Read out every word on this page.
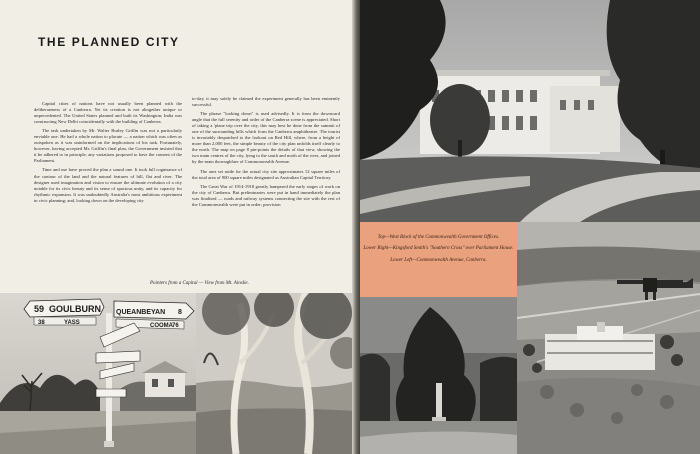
THE PLANNED CITY

Capital cities of nations have not usually been planned with the deliberateness of a Canberra. Yet its creation is not altogether unique or unprecedented. The United States planned and built its Washington; India was constructing New Delhi coincidentally with the building of Canberra.

The task undertaken by Mr. Walter Burley Griffin was not a particularly enviable one. He had a whole nation to placate — a nation which was often as outspoken as it was uninformed on the implications of his task. Fortunately, however, having accepted Mr. Griffin's final plan, the Government insisted that it be adhered to in principle, any variations proposed to have the consent of the Parliament.

Time and use have proved the plan a sound one. It took full cognisance of the contour of the land and the natural features of hill, flat and river. The designer used imagination and vision to ensure the ultimate evolution of a city notable for its civic beauty and its sense of spacious unity, and its capacity for rhythmic expansion. It was undoubtedly Australia's most ambitious experiment in civic planning; and, looking down on the developing city

to-day, it may safely be claimed the experiment generally has been eminently successful.

The phrase "looking down" is used advisedly. It is from the downward angle that the full serenity and order of the Canberra scene is appreciated. Short of taking a 'plane trip over the city, this may best be done from the summit of one of the surrounding hills which form the Canberra amphitheatre. The tourist is invariably despatched to the lookout on Red Hill, where, from a height of more than 2,000 feet, the simple beauty of the city plan unfolds itself clearly to the north. The map on page 8 pin-points the details of that view, showing the two main centres of the city, lying to the south and north of the river, and joined by the main thoroughfare of Commonwealth Avenue.

The area set aside for the actual city site approximates 12 square miles of the total area of 900 square miles designated as Australian Capital Territory.

The Great War of 1914-1918 greatly hampered the early stages of work on the city of Canberra. But preliminaries were put in hand immediately the plan was finalised — roads and railway systems connecting the site with the rest of the Commonwealth were put in order; provision

Pointers from a Capital — View from Mt. Ainslie.
59 GOULBURN
38	YASS
QUEANBEYAN 8
COOMA 76
Top—West Block of the Commonwealth Government Offices.
Lower Right—Kingsford Smith's "Southern Cross" over Parliament House.
Lower Left—Commonwealth Avenue, Canberra.
